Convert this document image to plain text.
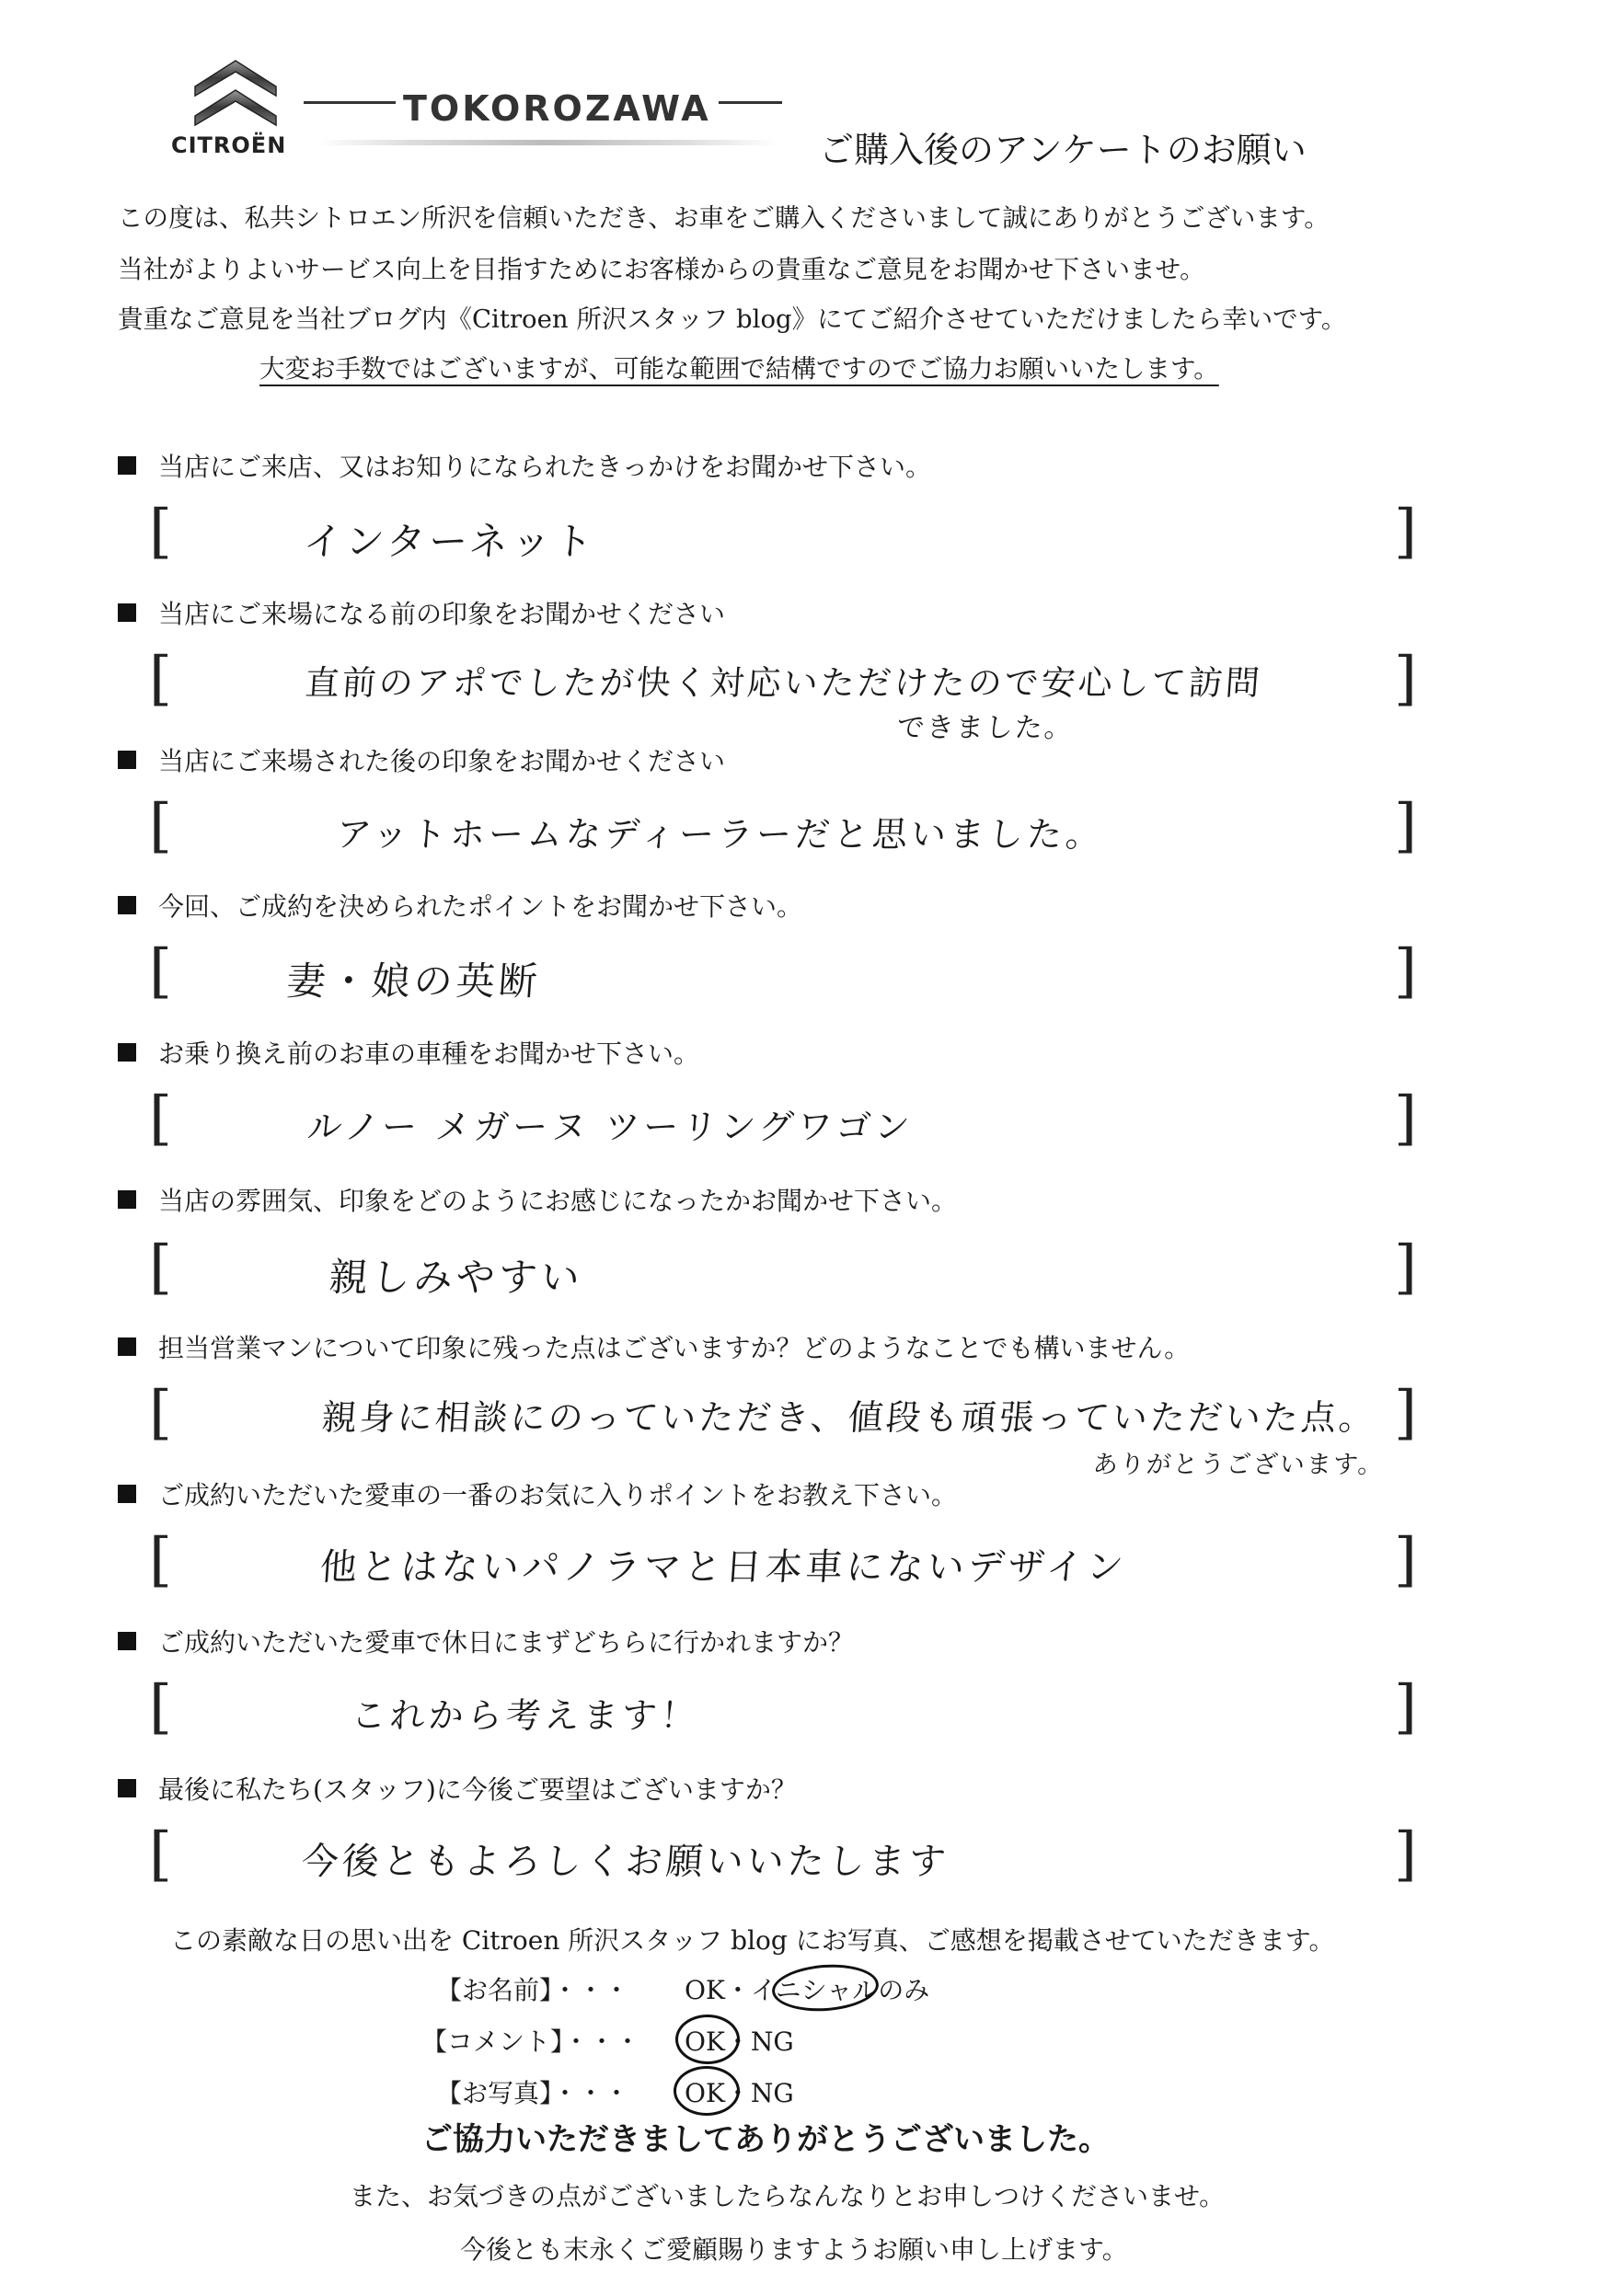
CITROËN
TOKOROZAWA
ご購入後のアンケートのお願い
この度は、私共シトロエン所沢を信頼いただき、お車をご購入くださいまして誠にありがとうございます。
当社がよりよいサービス向上を目指すためにお客様からの貴重なご意見をお聞かせ下さいませ。
貴重なご意見を当社ブログ内《Citroen 所沢スタッフ blog》にてご紹介させていただけましたら幸いです。
大変お手数ではございますが、可能な範囲で結構ですのでご協力お願いいたします。
当店にご来店、又はお知りになられたきっかけをお聞かせ下さい。
[	インターネット	]
当店にご来場になる前の印象をお聞かせください
[	直前のアポでしたが快く対応いただけたので安心して訪問
できました。
]
当店にご来場された後の印象をお聞かせください
[	アットホームなディーラーだと思いました。	]
今回、ご成約を決められたポイントをお聞かせ下さい。
[	妻・娘の英断	]
お乗り換え前のお車の車種をお聞かせ下さい。
[	ルノー メガーヌ ツーリングワゴン	]
当店の雰囲気、印象をどのようにお感じになったかお聞かせ下さい。
[	親しみやすい	]
担当営業マンについて印象に残った点はございますか？どのようなことでも構いません。
[	親身に相談にのっていただき、値段も頑張っていただいた点。
ありがとうございます。
]
ご成約いただいた愛車の一番のお気に入りポイントをお教え下さい。
[	他とはないパノラマと日本車にないデザイン	]
ご成約いただいた愛車で休日にまずどちらに行かれますか？
[	これから考えます！	]
最後に私たち(スタッフ)に今後ご要望はございますか？
[	今後ともよろしくお願いいたします	]
この素敵な日の思い出を Citroen 所沢スタッフ blog にお写真、ご感想を掲載させていただきます。
【お名前】・・・ OK・イニシャルのみ
【コメント】・・・ OK・NG
【お写真】・・・ OK・NG
ご協力いただきましてありがとうございました。
また、お気づきの点がございましたらなんなりとお申しつけくださいませ。
今後とも末永くご愛顧賜りますようお願い申し上げます。
